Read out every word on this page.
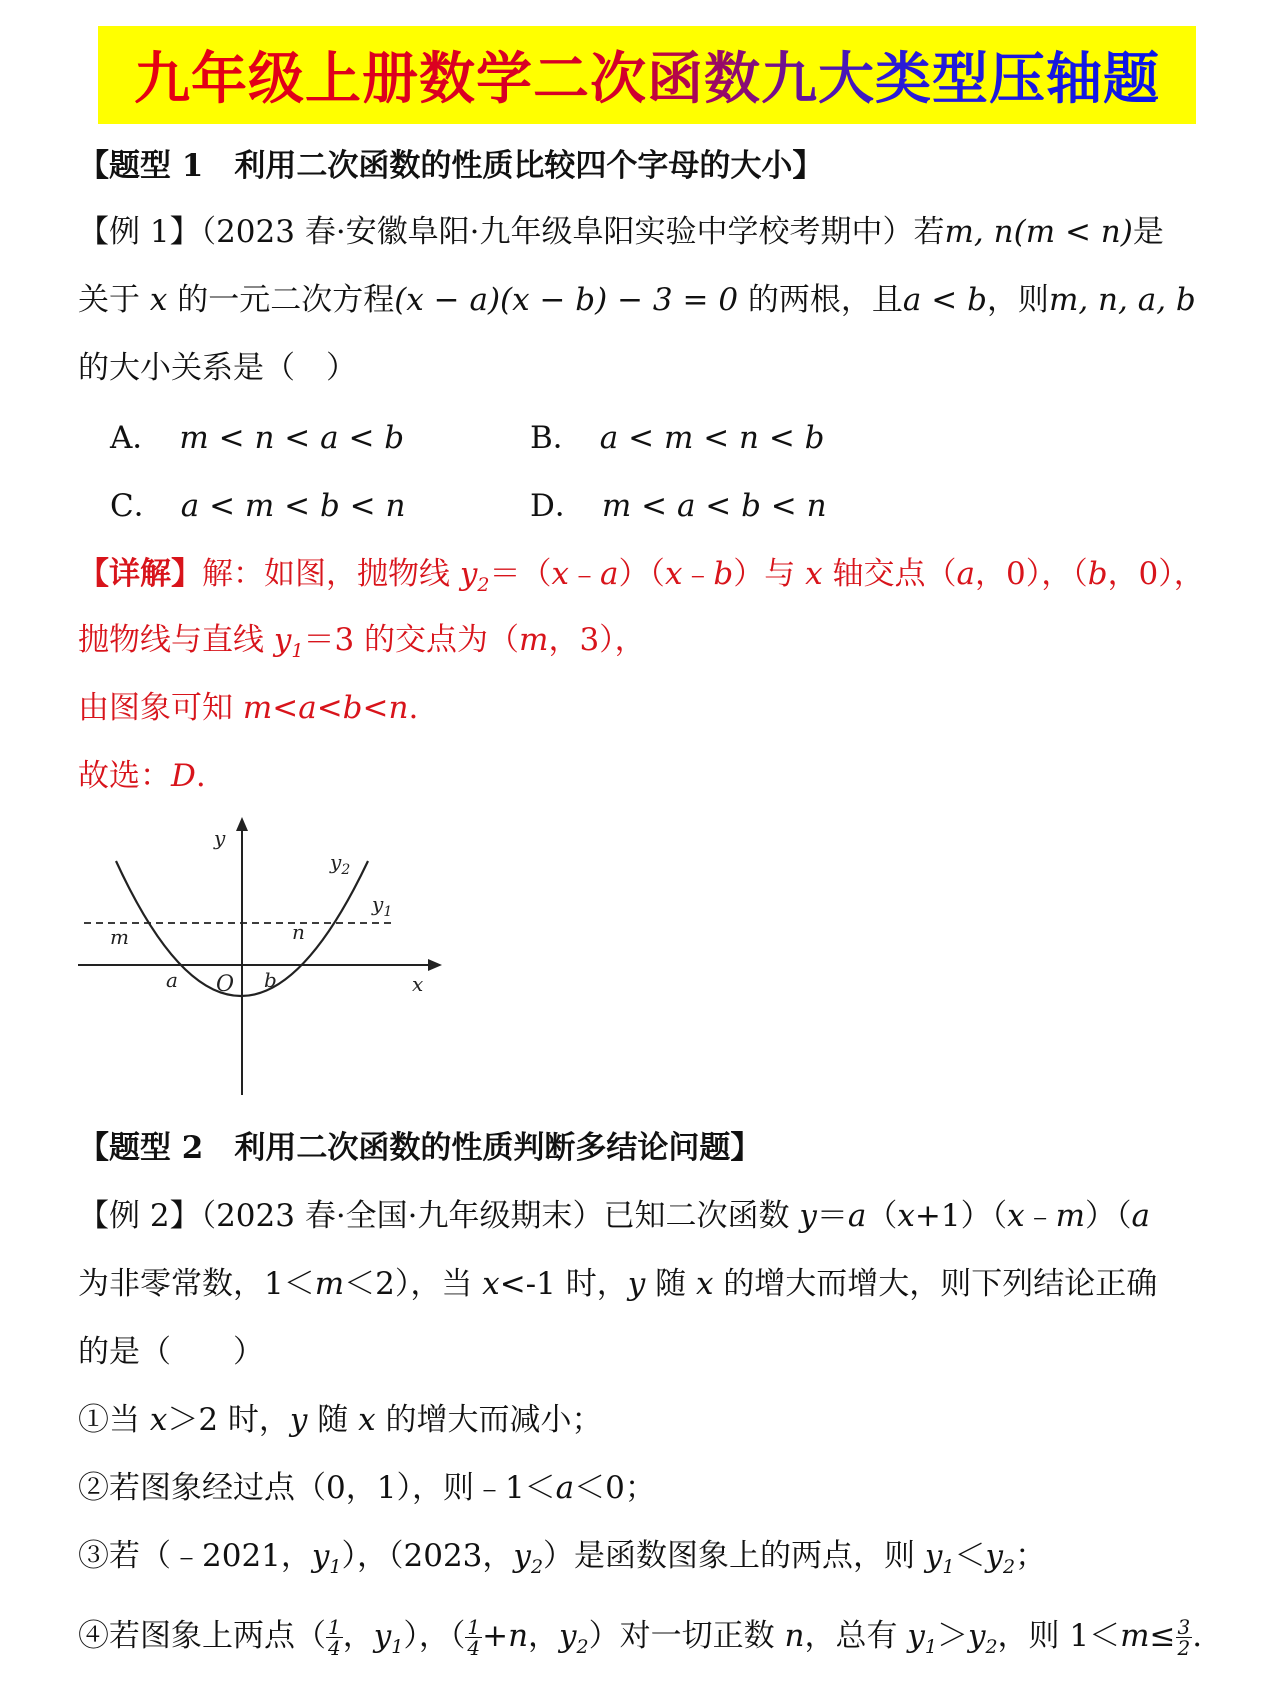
九年级上册数学二次函数九大类型压轴题
【题型 1　利用二次函数的性质比较四个字母的大小】
【例 1】（2023 春·安徽阜阳·九年级阜阳实验中学校考期中）若m, n(m < n)是
关于 x 的一元二次方程(x − a)(x − b) − 3 = 0 的两根，且a < b，则m, n, a, b
的大小关系是（　）
A． m < n < a < b	B． a < m < n < b
C． a < m < b < n	D． m < a < b < n
【详解】解：如图，抛物线 $y_2=(x﹣a)(x﹣b)$与 x 轴交点（a，0），（b，0），
抛物线与直线 $y_1=3$ 的交点为（m，3），
由图象可知 m<a<b<n.
故选：D.
y
x
O
$y_2$
$y_1$
m	n
a	b
【题型 2　利用二次函数的性质判断多结论问题】
【例 2】（2023 春·全国·九年级期末）已知二次函数 y＝a（x+1）（x﹣m）（a
为非零常数，1＜m＜2），当 x<-1 时，y 随 x 的增大而增大，则下列结论正确
的是（　　）
①当 x＞2 时，y 随 x 的增大而减小；
②若图象经过点（0，1），则﹣1＜a＜0；
③若（﹣2021，$y_1$），（2023，$y_2$）是函数图象上的两点，则 $y_1<y_2$；
④若图象上两点（ $\frac{1}{4}$ ，$y_1$），（ $\frac{1}{4} +n$，$y_2$）对一切正数 n，总有 $y_1>y_2$，则 $1<m\le \frac{3}{2}$ .
